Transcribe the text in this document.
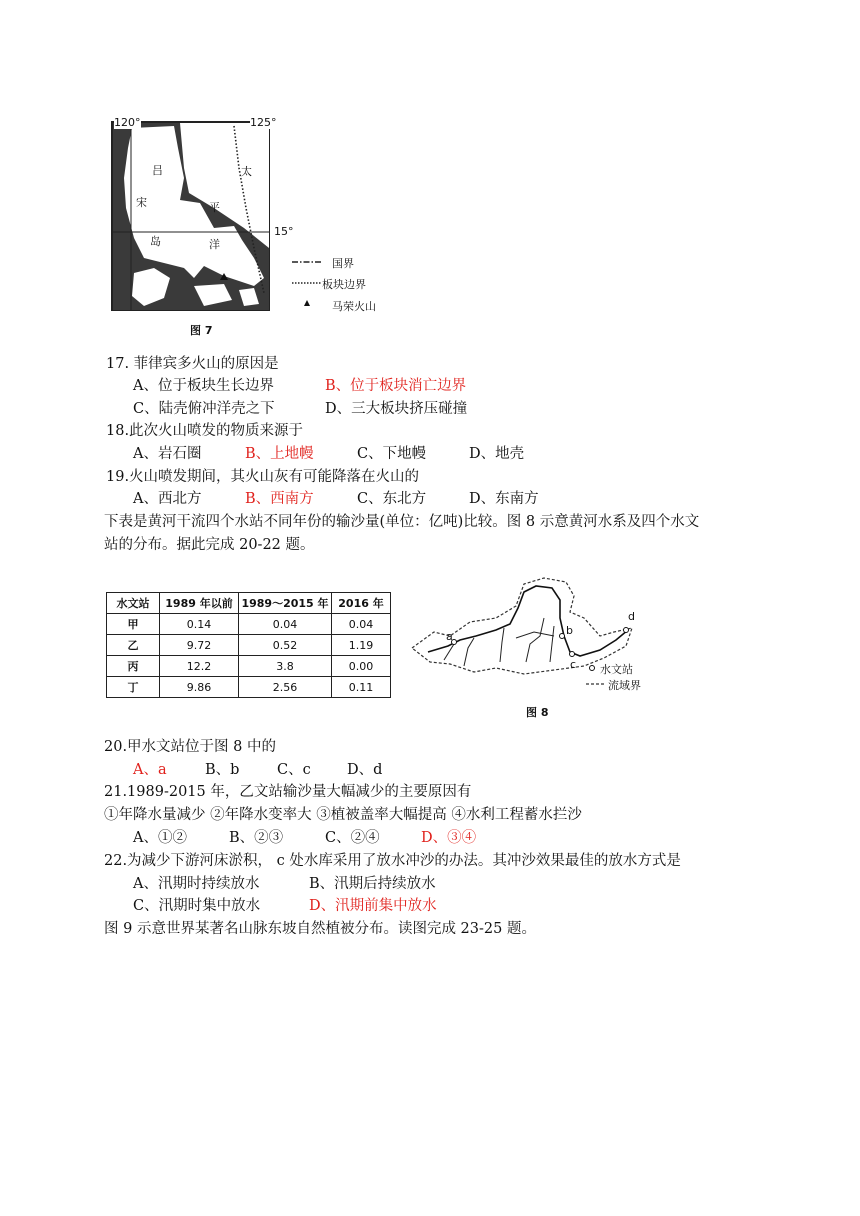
120°	125°
15°
吕
宋
岛
太
平
洋
国界
板块边界
马荣火山
图 7
17. 菲律宾多火山的原因是
A、位于板块生长边界	B、位于板块消亡边界
C、陆壳俯冲洋壳之下	D、三大板块挤压碰撞
18.此次火山喷发的物质来源于
A、岩石圈	B、上地幔	C、下地幔	D、地壳
19.火山喷发期间，其火山灰有可能降落在火山的
A、西北方	B、西南方	C、东北方	D、东南方
下表是黄河干流四个水站不同年份的输沙量(单位：亿吨)比较。图 8 示意黄河水系及四个水文
站的分布。据此完成 20-22 题。
水文站	1989 年以前	1989～2015 年	2016 年
甲	0.14	0.04	0.04
乙	9.72	0.52	1.19
丙	12.2	3.8	0.00
丁	9.86	2.56	0.11
a	b
c
d
水文站
流域界
图 8
20.甲水文站位于图 8 中的
A、a	B、b	C、c	D、d
21.1989-2015 年，乙文站输沙量大幅减少的主要原因有
①年降水量减少 ②年降水变率大 ③植被盖率大幅提高 ④水利工程蓄水拦沙
A、①②	B、②③	C、②④	D、③④
22.为减少下游河床淤积， c 处水库采用了放水冲沙的办法。其冲沙效果最佳的放水方式是
A、汛期时持续放水	B、汛期后持续放水
C、汛期时集中放水	D、汛期前集中放水
图 9 示意世界某著名山脉东坡自然植被分布。读图完成 23-25 题。
